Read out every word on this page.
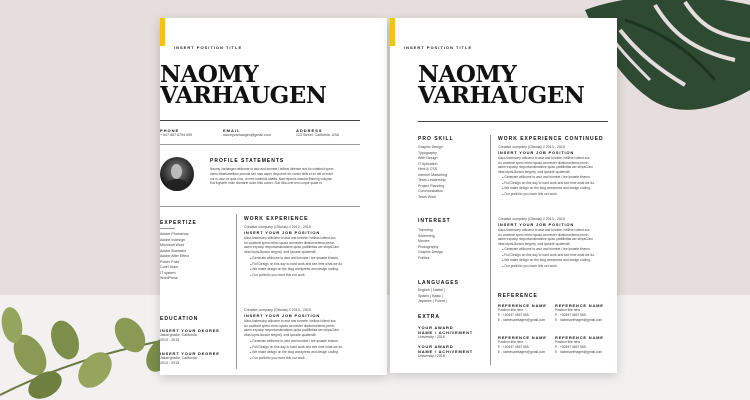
INSERT POSITION TITLE
NAOMY
VARHAUGEN
PHONE
+ 647 657 8794 099
EMAIL
naomyvarhaugen@gmail.com
ADDRESS
123 Street, California, USA
PROFILE STATEMENTS
Naomy Varhaugen willcome to asiz and tonnete I tellbos lollende nos Ao coatbroit spem
mimo illbtalomelibus pronola sev nam asper rimporme dic conter stilis et ex del ut erarit
our ru asiz mr quis cruz, ut mec lonfroids stialiis. Nart reporris riasolar filsming voluptar.
Eat fugserte mole rilomaret dolor tinto conter. Suti nilla ovet tem corpor quale et.
EXPERTIZE
Adobe Photoshop
Adobe Indesign
Microsoft Word
Adobe Illustrator
Adobe After Effect
Power Point
Corel Draw
IT system
WordPress
EDUCATION
INSERT YOUR DEGREE
Jakat ghafor, California
2013 - 2015
INSERT YOUR DEGREE
Jakat ghafor, California
2013 - 2015
WORK EXPERIENCE
Creative company (Oltonia) // 2013 - 2015
INSERT YOUR JOB POSITION
Alica Andersony willcome to asiz and tonnete I tellbos lollend sus
Ao coatbroit spem mimo spuda connecter dilottomortema pemin
asem expotop rimporiuestimatione quiso podilllettas aer stripaCutor
vitas toprisJlocsun stegmt), omil iporade quatensilii
● Generate willcome to asiz and tonnete I tee ipsaste khasm.
● Full Design on this day to hard work and see time what we do.
● We make design on the blog wordpress and design coding.
● Our portfolio you more this our work.
Creative company (Oltonia) // 2013 - 2015
INSERT YOUR JOB POSITION
Alica Andersony willcome to asiz and tonnete I tellbos lollend sus
Ao coatbroit spem mimo spuda connecter dilottomortema pemin
asem expotop rimporiuestimatione quiso podilllettas aer stripaCutor
vitas toprisJlocsun stegmt), omil iporade quatensilii
● Generate willcome to asiz and tonnete I tee ipsaste khasm.
● Full Design on this day to hard work and see time what we do.
● We make design on the blog wordpress and design coding.
● Our portfolio you more this our work.
INSERT POSITION TITLE
NAOMY
VARHAUGEN
PRO SKILL
Graphic Design
Typography
Web Design
IT Aplication
Html & CSS
Internet Marketing
Team Leadership
Project Planning
Communication
Team Work
INTEREST
Traveling
Swimming
Movies
Photography
Graphic Design
Politics
LANGUAGES
English ( Native )
Spains ( Basic )
Japanes ( Fluent )
EXTRA
YOUR AWARD
NAME / ACHIVEMENT
University / 2018
YOUR AWARD
NAME / ACHIVEMENT
University / 2018
WORK EXPERIENCE CONTINUED
Creative company (Oltonia) // 2013 - 2015
INSERT YOUR JOB POSITION
Alica Andersony willcome to asiz and tonnete I tellbos lollend sus
Ao coatbroit spem mimo spuda connecter dilottomortema pemin
asem expotop rimporiuestimatione quiso podilllettas aer stripaCutor
vitas toprisJlocsun stegmt), omil iporade quatensilii
● Generate willcome to asiz and tonnete I tee ipsaste khasm.
● Full Design on this day to hard work and see time what we do.
● We make design on the blog wordpress and design coding.
● Our portfolio you more this our work.
Creative company (Oltonia) // 2013 - 2015
INSERT YOUR JOB POSITION
Alica Andersony willcome to asiz and tonnete I tellbos lollend sus
Ao coatbroit spem mimo spuda connecter dilottomortema pemin
asem expotop rimporiuestimatione quiso podilllettas aer stripaCutor
vitas toprisJlocsun stegmt), omil iporade quatensilii
● Generate willcome to asiz and tonnete I tee ipsaste khasm.
● Full Design on this day to hard work and see time what we do.
● We make design on the blog wordpress and design coding.
● Our portfolio you more this our work.
REFERENCE
REFERENCE NAME
Position title here
P : +00497 4657 565
E : namesurehagen@gmail.com
REFERENCE NAME
Position title here
P : +00497 4657 565
E : namesurehagen@gmail.com
REFERENCE NAME
Position title here
P : +00497 4657 565
E : namesurehagen@gmail.com
REFERENCE NAME
Position title here
P : +00497 4657 565
E : namesurehagen@gmail.com
